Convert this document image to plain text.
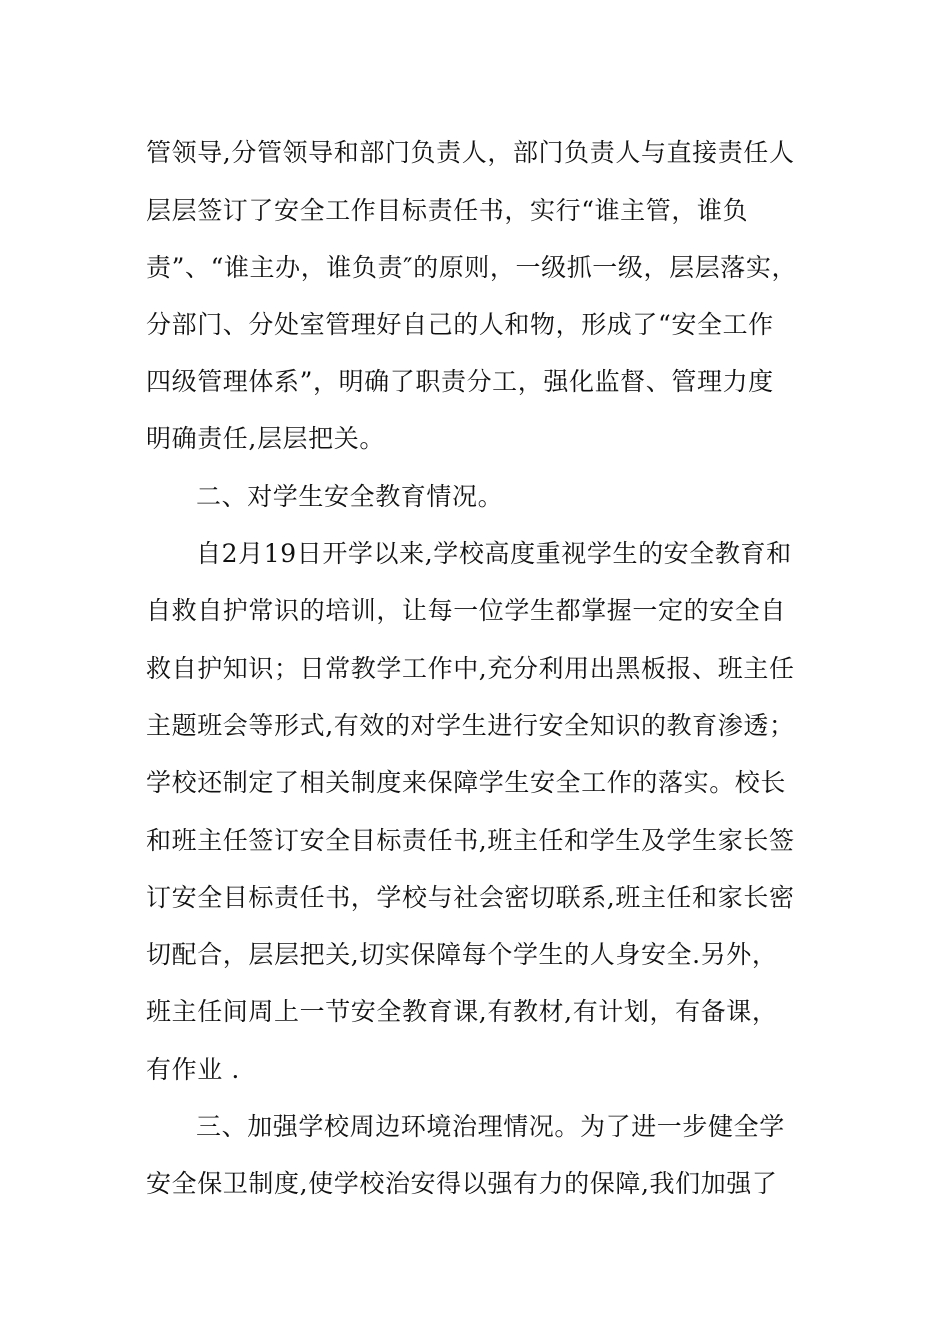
管领导,分管领导和部门负责人，部门负责人与直接责任人
层层签订了安全工作目标责任书，实行“谁主管，谁负
责”、“谁主办，谁负责″的原则，一级抓一级，层层落实，
分部门、分处室管理好自己的人和物，形成了“安全工作
四级管理体系”，明确了职责分工，强化监督、管理力度
明确责任,层层把关。
二、对学生安全教育情况。
自2月19日开学以来,学校高度重视学生的安全教育和
自救自护常识的培训，让每一位学生都掌握一定的安全自
救自护知识；日常教学工作中,充分利用出黑板报、班主任
主题班会等形式,有效的对学生进行安全知识的教育渗透；
学校还制定了相关制度来保障学生安全工作的落实。校长
和班主任签订安全目标责任书,班主任和学生及学生家长签
订安全目标责任书，学校与社会密切联系,班主任和家长密
切配合，层层把关,切实保障每个学生的人身安全.另外，
班主任间周上一节安全教育课,有教材,有计划，有备课，
有作业 .
三、加强学校周边环境治理情况。为了进一步健全学
安全保卫制度,使学校治安得以强有力的保障,我们加强了
